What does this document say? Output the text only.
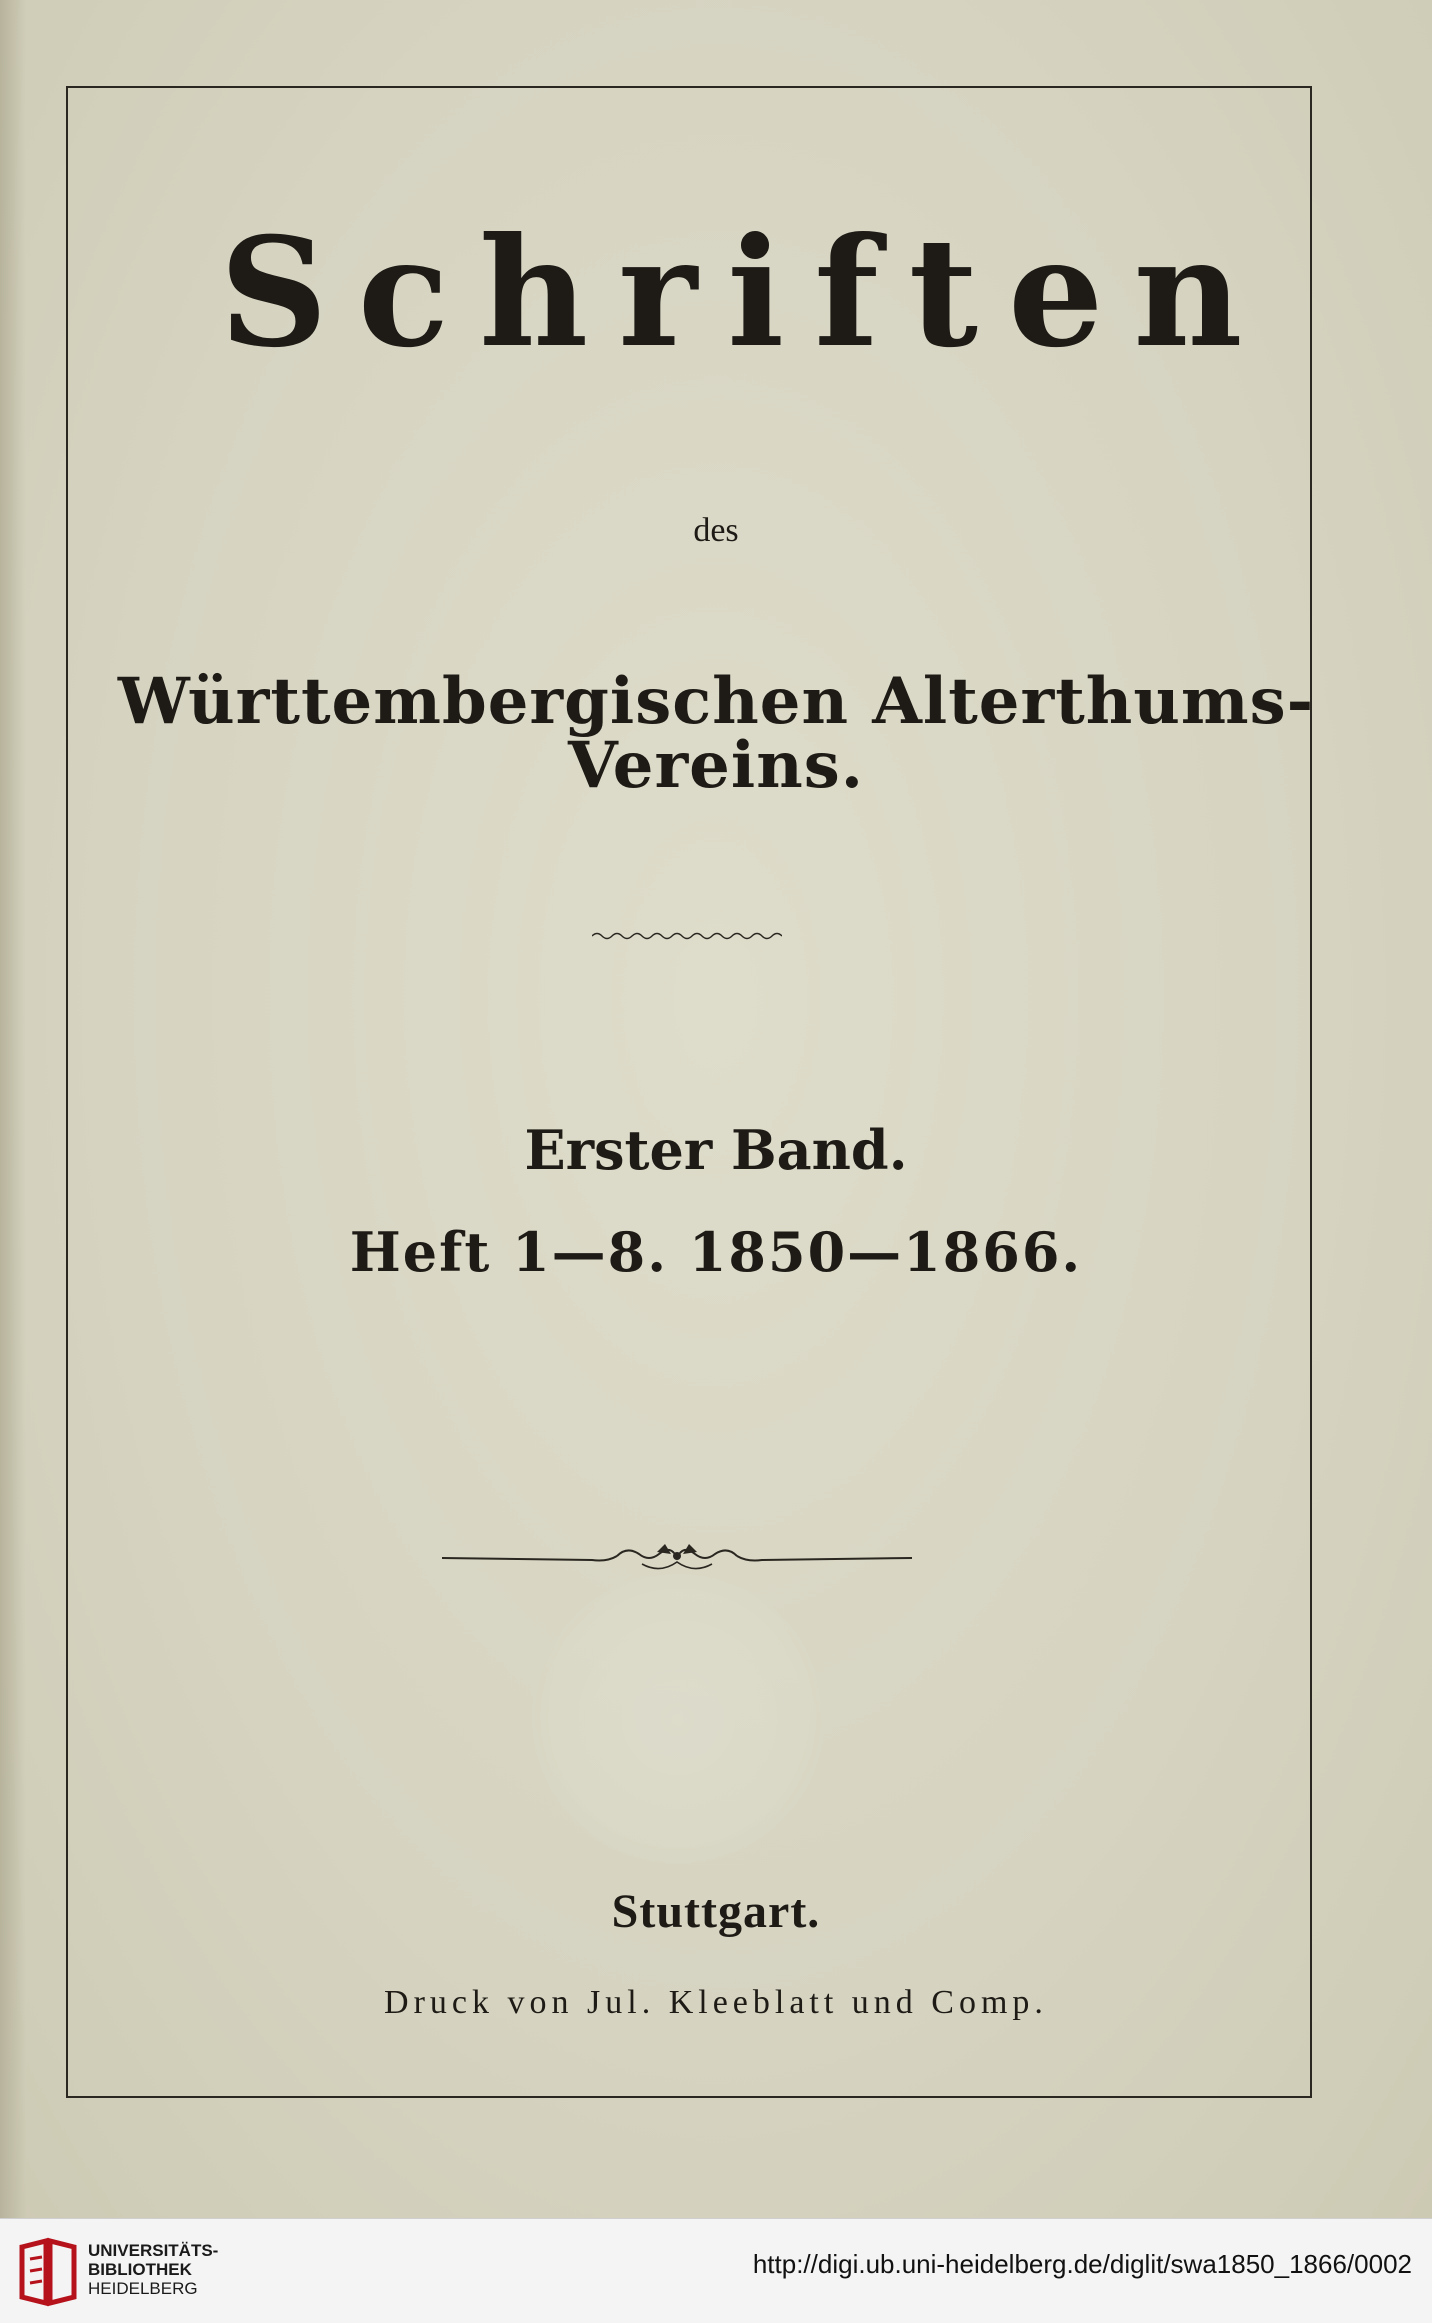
Schriften
des
Württembergischen Alterthums-Vereins.
Erster Band.
Heft 1—8. 1850—1866.
Stuttgart.
Druck von Jul. Kleeblatt und Comp.
UNIVERSITÄTS-
BIBLIOTHEK
HEIDELBERG
http://digi.ub.uni-heidelberg.de/diglit/swa1850_1866/0002
